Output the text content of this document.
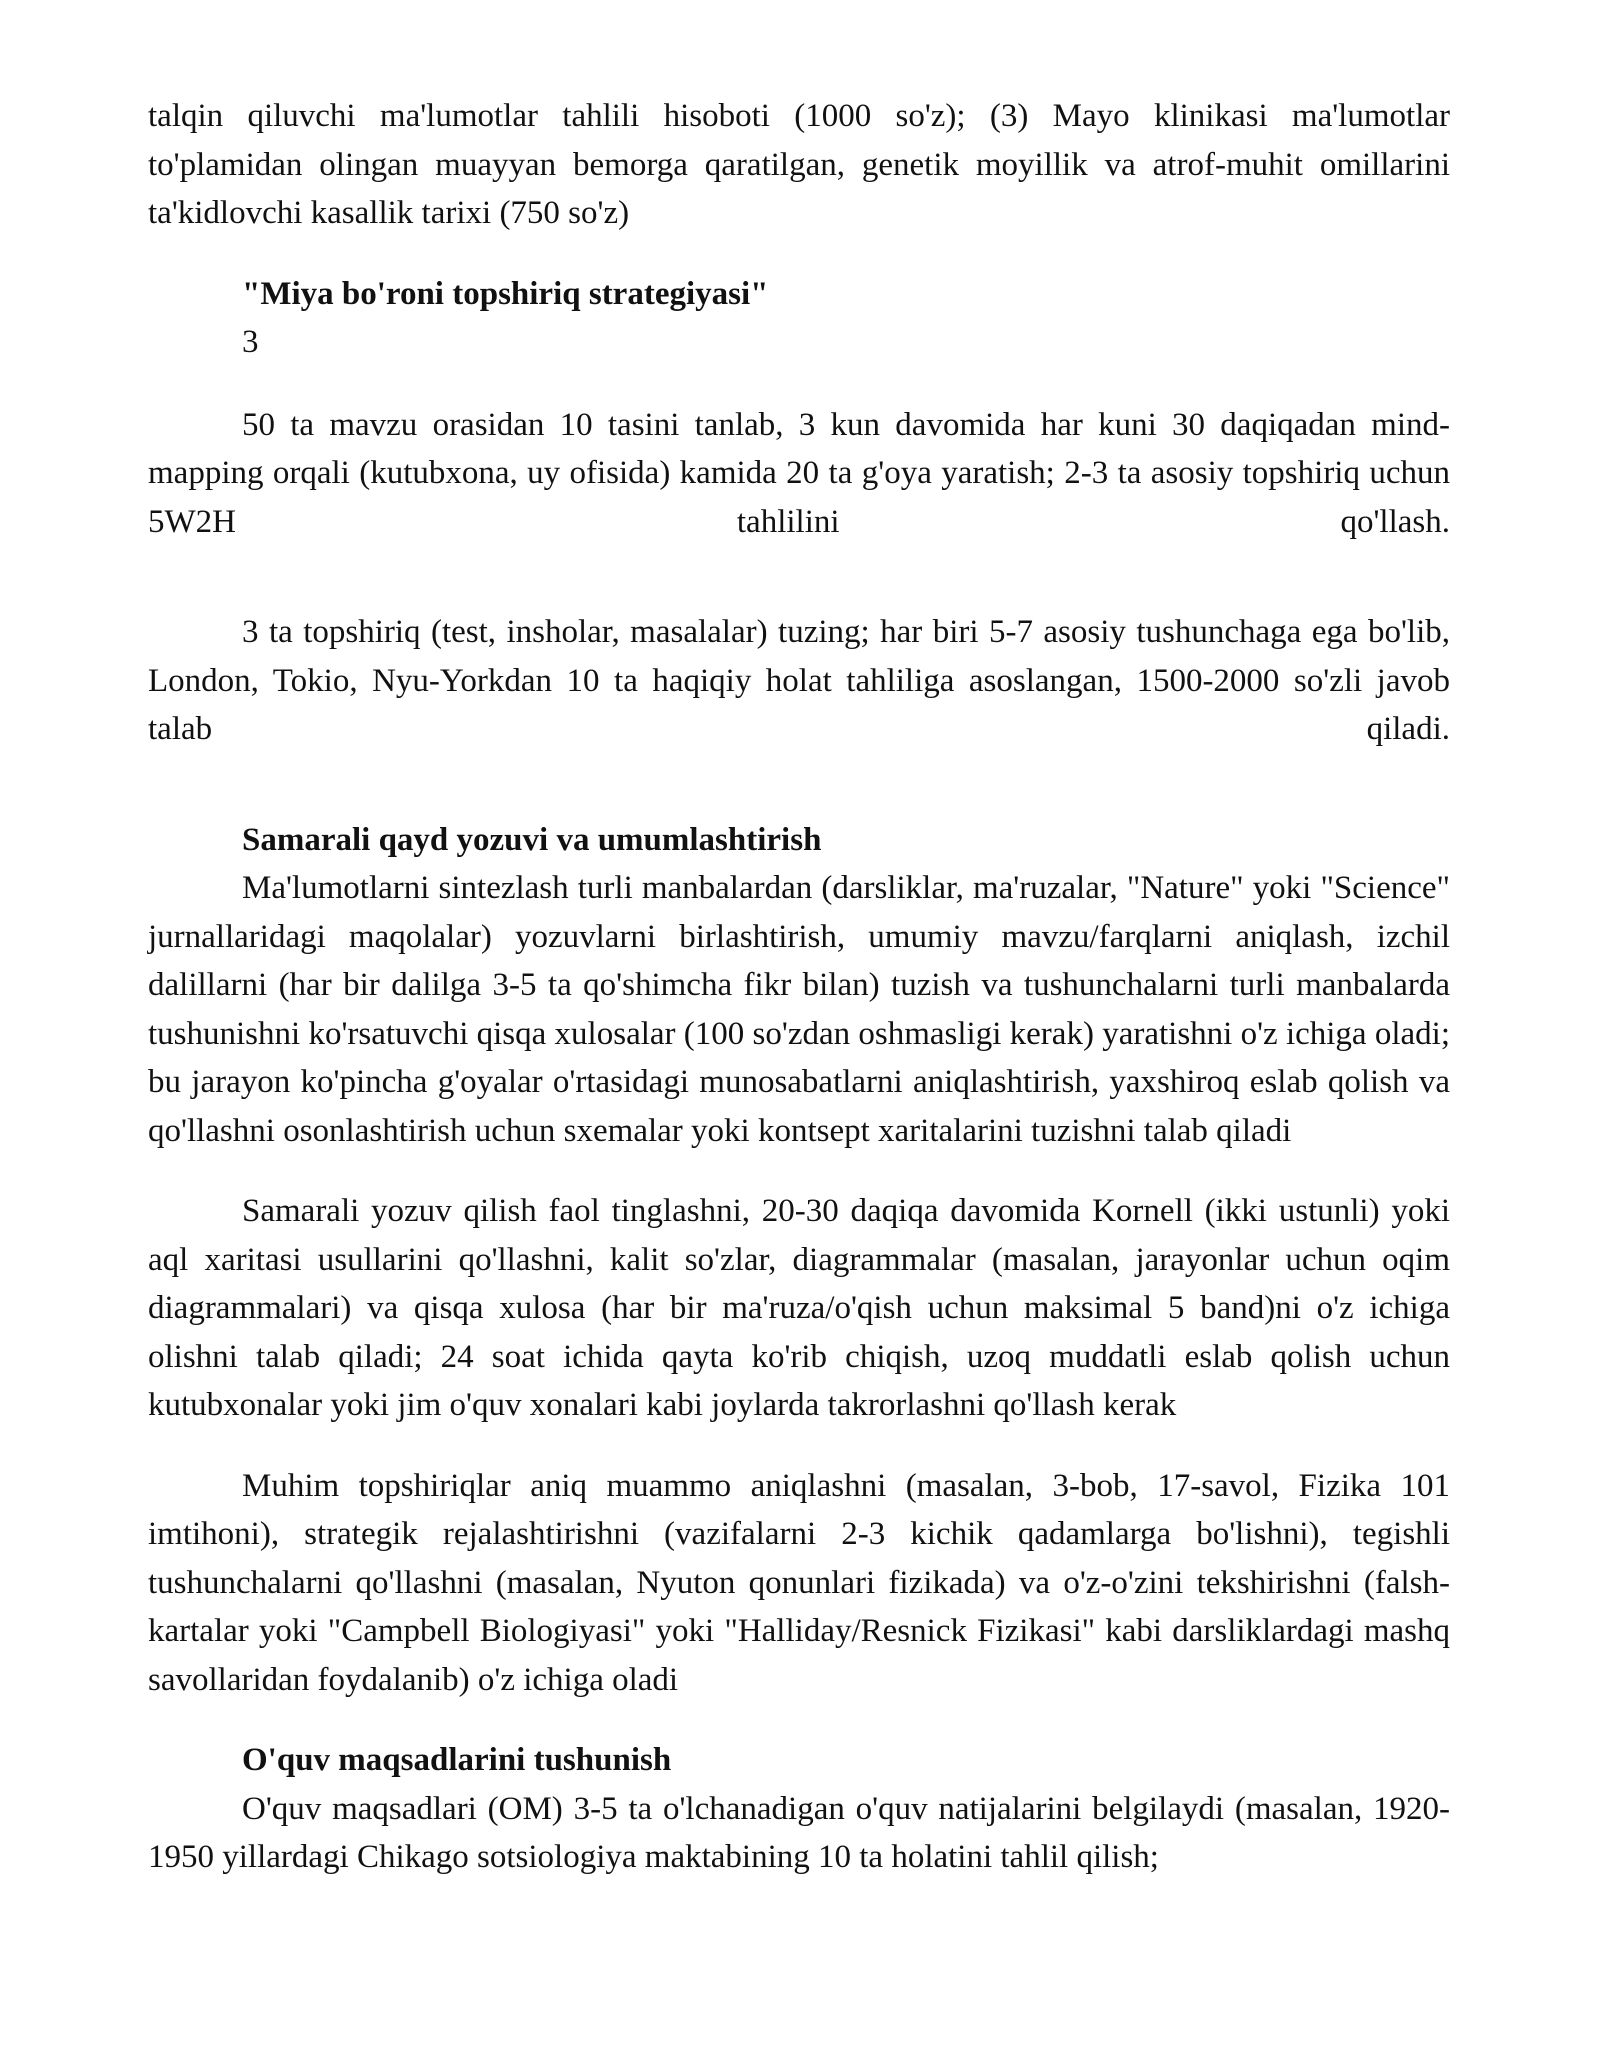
talqin qiluvchi ma'lumotlar tahlili hisoboti (1000 so'z); (3) Mayo klinikasi ma'lumotlar to'plamidan olingan muayyan bemorga qaratilgan, genetik moyillik va atrof-muhit omillarini ta'kidlovchi kasallik tarixi (750 so'z)

"Miya bo'roni topshiriq strategiyasi"

3

50 ta mavzu orasidan 10 tasini tanlab, 3 kun davomida har kuni 30 daqiqadan mind-mapping orqali (kutubxona, uy ofisida) kamida 20 ta g'oya yaratish; 2-3 ta asosiy topshiriq uchun 5W2H tahlilini qo'llash.

3 ta topshiriq (test, insholar, masalalar) tuzing; har biri 5-7 asosiy tushunchaga ega bo'lib, London, Tokio, Nyu-Yorkdan 10 ta haqiqiy holat tahliliga asoslangan, 1500-2000 so'zli javob talab qiladi.

Samarali qayd yozuvi va umumlashtirish

Ma'lumotlarni sintezlash turli manbalardan (darsliklar, ma'ruzalar, "Nature" yoki "Science" jurnallaridagi maqolalar) yozuvlarni birlashtirish, umumiy mavzu/farqlarni aniqlash, izchil dalillarni (har bir dalilga 3-5 ta qo'shimcha fikr bilan) tuzish va tushunchalarni turli manbalarda tushunishni ko'rsatuvchi qisqa xulosalar (100 so'zdan oshmasligi kerak) yaratishni o'z ichiga oladi; bu jarayon ko'pincha g'oyalar o'rtasidagi munosabatlarni aniqlashtirish, yaxshiroq eslab qolish va qo'llashni osonlashtirish uchun sxemalar yoki kontsept xaritalarini tuzishni talab qiladi

Samarali yozuv qilish faol tinglashni, 20-30 daqiqa davomida Kornell (ikki ustunli) yoki aql xaritasi usullarini qo'llashni, kalit so'zlar, diagrammalar (masalan, jarayonlar uchun oqim diagrammalari) va qisqa xulosa (har bir ma'ruza/o'qish uchun maksimal 5 band)ni o'z ichiga olishni talab qiladi; 24 soat ichida qayta ko'rib chiqish, uzoq muddatli eslab qolish uchun kutubxonalar yoki jim o'quv xonalari kabi joylarda takrorlashni qo'llash kerak

Muhim topshiriqlar aniq muammo aniqlashni (masalan, 3-bob, 17-savol, Fizika 101 imtihoni), strategik rejalashtirishni (vazifalarni 2-3 kichik qadamlarga bo'lishni), tegishli tushunchalarni qo'llashni (masalan, Nyuton qonunlari fizikada) va o'z-o'zini tekshirishni (falsh-kartalar yoki "Campbell Biologiyasi" yoki "Halliday/Resnick Fizikasi" kabi darsliklardagi mashq savollaridan foydalanib) o'z ichiga oladi

O'quv maqsadlarini tushunish

O'quv maqsadlari (OM) 3-5 ta o'lchanadigan o'quv natijalarini belgilaydi (masalan, 1920-1950 yillardagi Chikago sotsiologiya maktabining 10 ta holatini tahlil qilish;
